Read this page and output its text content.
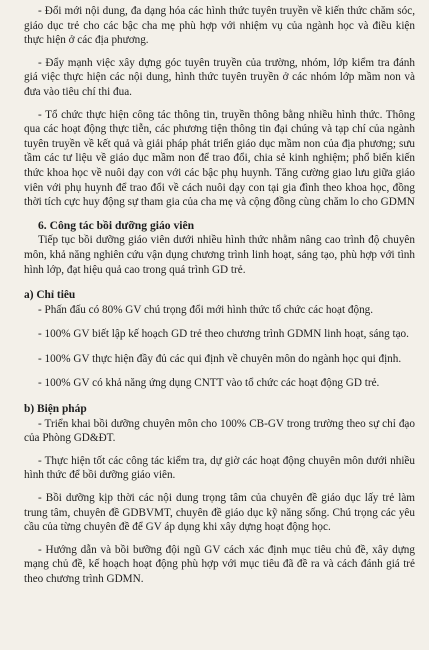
- Đổi mới nội dung, đa dạng hóa các hình thức tuyên truyền về kiến thức chăm sóc, giáo dục trẻ cho các bậc cha mẹ phù hợp với nhiệm vụ của ngành học và điều kiện thực hiện ở các địa phương.

- Đẩy mạnh việc xây dựng góc tuyên truyền của trường, nhóm, lớp kiểm tra đánh giá việc thực hiện các nội dung, hình thức tuyên truyền ở các nhóm lớp mầm non và đưa vào tiêu chí thi đua.

- Tổ chức thực hiện công tác thông tin, truyền thông bằng nhiều hình thức. Thông qua các hoạt động thực tiễn, các phương tiện thông tin đại chúng và tạp chí của ngành tuyên truyền về kết quả và giải pháp phát triển giáo dục mầm non của địa phương; sưu tầm các tư liệu về giáo dục mầm non để trao đổi, chia sẻ kinh nghiệm; phổ biến kiến thức khoa học về nuôi dạy con với các bậc phụ huynh. Tăng cường giao lưu giữa giáo viên với phụ huynh để trao đổi về cách nuôi dạy con tại gia đình theo khoa học, đồng thời tích cực huy động sự tham gia của cha mẹ và cộng đồng cùng chăm lo cho GDMN

6. Công tác bồi dưỡng giáo viên

Tiếp tục bồi dưỡng giáo viên dưới nhiều hình thức nhằm nâng cao trình độ chuyên môn, khả năng nghiên cứu vận dụng chương trình linh hoạt, sáng tạo, phù hợp với tình hình lớp, đạt hiệu quả cao trong quá trình GD trẻ.

a) Chỉ tiêu

- Phấn đấu có 80% GV chú trọng đổi mới hình thức tổ chức các hoạt động.

- 100% GV biết lập kế hoạch GD trẻ theo chương trình GDMN linh hoạt, sáng tạo.

- 100% GV thực hiện đầy đủ các qui định về chuyên môn do ngành học qui định.

- 100% GV có khả năng ứng dụng CNTT vào tổ chức các hoạt động GD trẻ.

b) Biện pháp

- Triển khai bồi dưỡng chuyên môn cho 100% CB-GV trong trường theo sự chỉ đạo của Phòng GD&ĐT.

- Thực hiện tốt các công tác kiểm tra, dự giờ các hoạt động chuyên môn dưới nhiều hình thức để bồi dưỡng giáo viên.

- Bồi dưỡng kịp thời các nội dung trọng tâm của chuyên đề giáo dục lấy trẻ làm trung tâm, chuyên đề GDBVMT, chuyên đề giáo dục kỹ năng sống. Chú trọng các yêu cầu của từng chuyên đề để GV áp dụng khi xây dựng hoạt động học.

- Hướng dẫn và bồi bưỡng đội ngũ GV cách xác định mục tiêu chủ đề, xây dựng mạng chủ đề, kế hoạch hoạt động phù hợp với mục tiêu đã đề ra và cách đánh giá trẻ theo chương trình GDMN.
